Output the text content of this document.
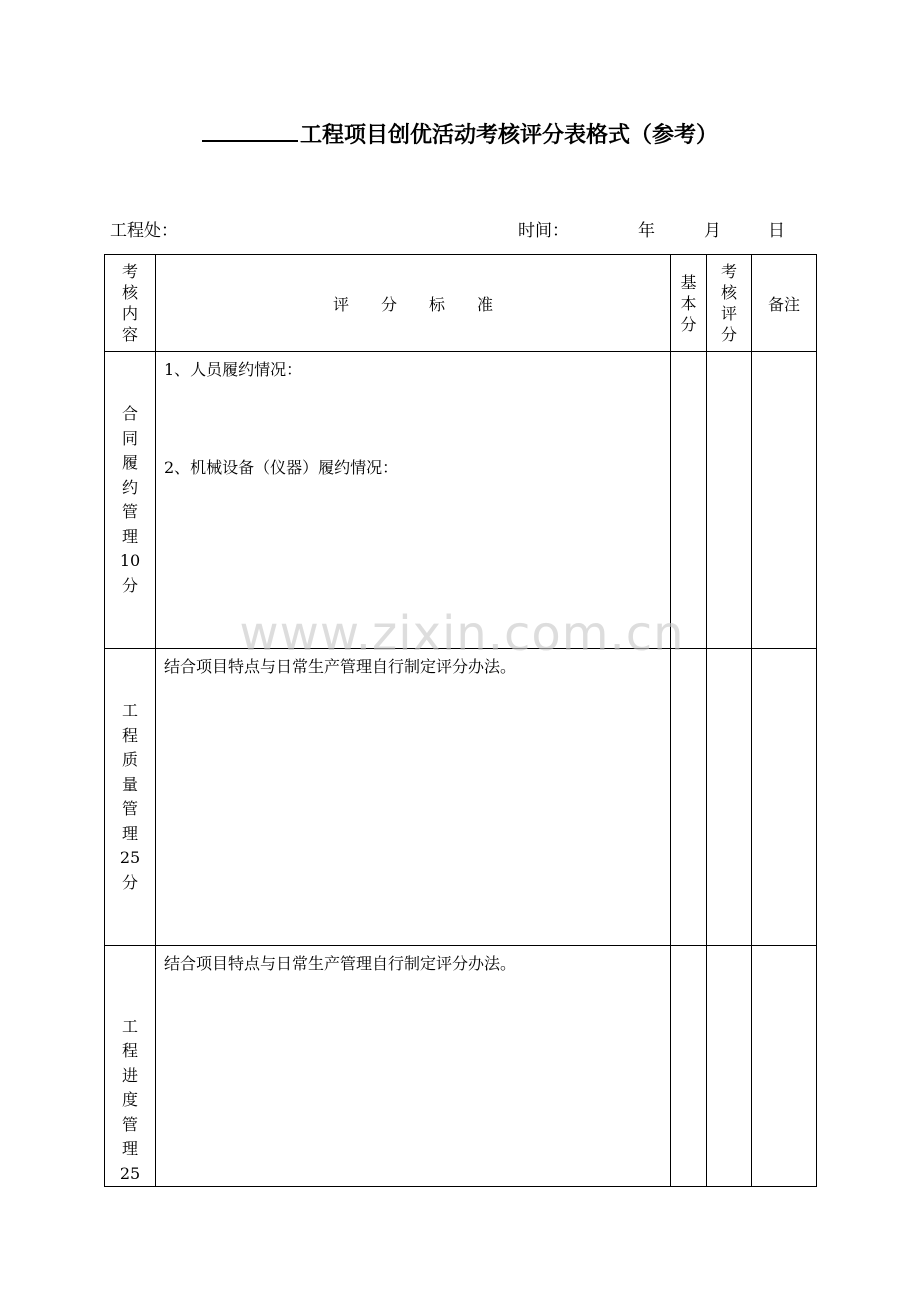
工程项目创优活动考核评分表格式（参考）
工程处：	时间：	年	月	日
考核内容	评　　分　　标　　准	基本分	考核评分	备注

合同履约管理10分	1、人员履约情况：
2、机械设备（仪器）履约情况：			

工程质量管理25分	结合项目特点与日常生产管理自行制定评分办法。			

工程进度管理25	结合项目特点与日常生产管理自行制定评分办法。			

www.zixin.com.cn
